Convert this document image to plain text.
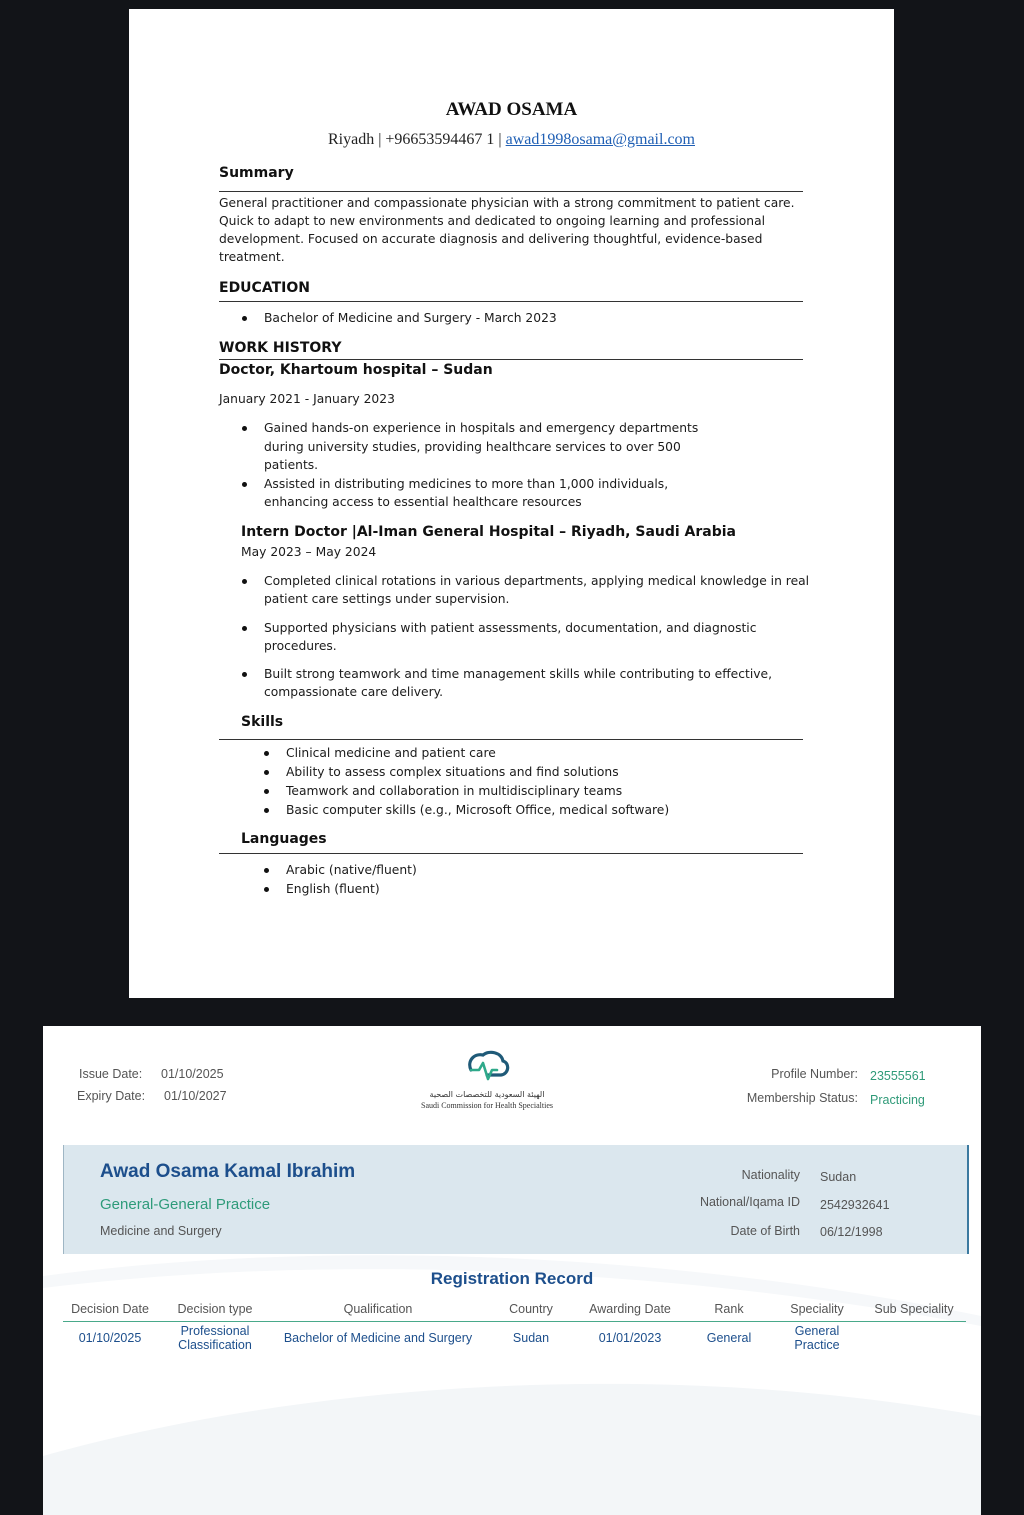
AWAD OSAMA
Riyadh | +96653594467 1 | awad1998osama@gmail.com
Summary
General practitioner and compassionate physician with a strong commitment to patient care.
Quick to adapt to new environments and dedicated to ongoing learning and professional
development. Focused on accurate diagnosis and delivering thoughtful, evidence-based
treatment.
EDUCATION
Bachelor of Medicine and Surgery - March 2023
WORK HISTORY
Doctor, Khartoum hospital – Sudan
January 2021 - January 2023
Gained hands-on experience in hospitals and emergency departments
during university studies, providing healthcare services to over 500
patients.
Assisted in distributing medicines to more than 1,000 individuals,
enhancing access to essential healthcare resources
Intern Doctor |Al-Iman General Hospital – Riyadh, Saudi Arabia
May 2023 – May 2024
Completed clinical rotations in various departments, applying medical knowledge in real
patient care settings under supervision.
Supported physicians with patient assessments, documentation, and diagnostic
procedures.
Built strong teamwork and time management skills while contributing to effective,
compassionate care delivery.
Skills
Clinical medicine and patient care
Ability to assess complex situations and find solutions
Teamwork and collaboration in multidisciplinary teams
Basic computer skills (e.g., Microsoft Office, medical software)
Languages
Arabic (native/fluent)
English (fluent)
Issue Date: 01/10/2025
Expiry Date: 01/10/2027	الهيئة السعودية للتخصصات الصحية
Saudi Commission for Health Specialties
Profile Number: 23555561
Membership Status: Practicing
Awad Osama Kamal Ibrahim
General-General Practice
Medicine and Surgery
Nationality Sudan
National/Iqama ID 2542932641
Date of Birth 06/12/1998
Registration Record
Decision Date	Decision type	Qualification	Country	Awarding Date	Rank	Speciality	Sub Speciality
01/10/2025	Professional Classification	Bachelor of Medicine and Surgery	Sudan	01/01/2023	General	General Practice
